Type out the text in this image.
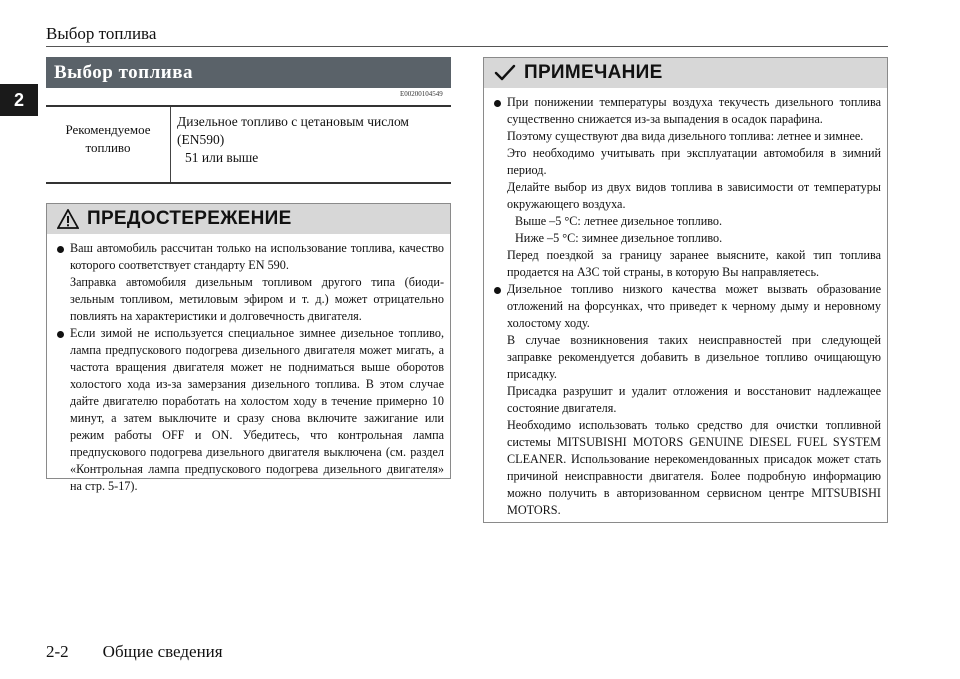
Выбор топлива
2
Выбор топлива
E00200104549
Рекомендуемое топливо
Дизельное топливо с цетановым числом (EN590)
51 или выше
ПРЕДОСТЕРЕЖЕНИЕ

Ваш автомобиль рассчитан только на использование топлива, качество которого соответствует стандарту EN 590.

Заправка автомобиля дизельным топливом другого типа (биодизельным топливом, метиловым эфиром и т. д.) может отрицательно повлиять на характеристики и долговечность двигателя.

Если зимой не используется специальное зимнее дизельное топливо, лампа предпускового подогрева дизельного двигателя может мигать, а частота вращения двигателя может не подниматься выше оборотов холостого хода из-за замерзания дизельного топлива. В этом случае дайте двигателю поработать на холостом ходу в течение примерно 10 минут, а затем выключите и сразу снова включите зажигание или режим работы OFF и ON. Убедитесь, что контрольная лампа предпускового подогрева дизельного двигателя выключена (см. раздел «Контрольная лампа предпускового подогрева дизельного двигателя» на стр. 5-17).

ПРИМЕЧАНИЕ

При понижении температуры воздуха текучесть дизельного топлива существенно снижается из-за выпадения в осадок парафина.

Поэтому существуют два вида дизельного топлива: летнее и зимнее.

Это необходимо учитывать при эксплуатации автомобиля в зимний период.

Делайте выбор из двух видов топлива в зависимости от температуры окружающего воздуха.

Выше –5 °C: летнее дизельное топливо.

Ниже –5 °C: зимнее дизельное топливо.

Перед поездкой за границу заранее выясните, какой тип топлива продается на АЗС той страны, в которую Вы направляетесь.

Дизельное топливо низкого качества может вызвать образование отложений на форсунках, что приведет к черному дыму и неровному холостому ходу.

В случае возникновения таких неисправностей при следующей заправке рекомендуется добавить в дизельное топливо очищающую присадку.

Присадка разрушит и удалит отложения и восстановит надлежащее состояние двигателя.

Необходимо использовать только средство для очистки топливной системы MITSUBISHI MOTORS GENUINE DIESEL FUEL SYSTEM CLEANER. Использование нерекомендованных присадок может стать причиной неисправности двигателя. Более подробную информацию можно получить в авторизованном сервисном центре MITSUBISHI MOTORS.

2-2 Общие сведения
